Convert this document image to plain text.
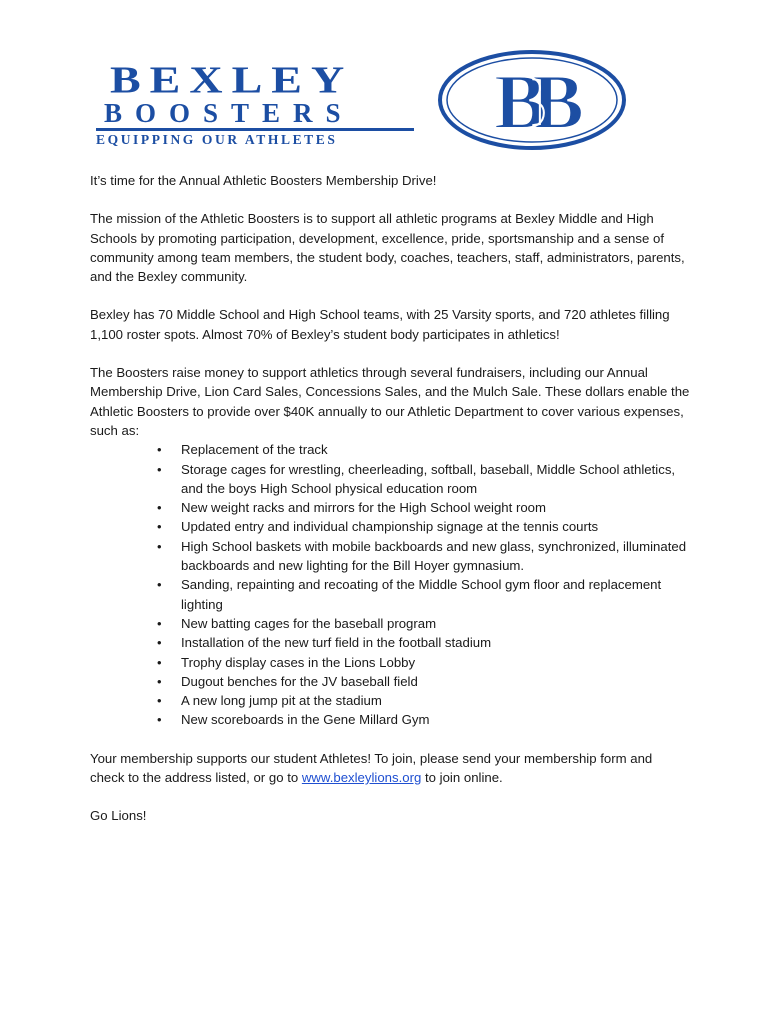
BEXLEY
BOOSTERS
EQUIPPING OUR ATHLETES	BB

It’s time for the Annual Athletic Boosters Membership Drive!

The mission of the Athletic Boosters is to support all athletic programs at Bexley Middle and High Schools by promoting participation, development, excellence, pride, sportsmanship and a sense of community among team members, the student body, coaches, teachers, staff, administrators, parents, and the Bexley community.

Bexley has 70 Middle School and High School teams, with 25 Varsity sports, and 720 athletes filling 1,100 roster spots. Almost 70% of Bexley’s student body participates in athletics!

The Boosters raise money to support athletics through several fundraisers, including our Annual Membership Drive, Lion Card Sales, Concessions Sales, and the Mulch Sale. These dollars enable the Athletic Boosters to provide over $40K annually to our Athletic Department to cover various expenses, such as:

• Replacement of the track
• Storage cages for wrestling, cheerleading, softball, baseball, Middle School athletics, and the boys High School physical education room
• New weight racks and mirrors for the High School weight room
• Updated entry and individual championship signage at the tennis courts
• High School baskets with mobile backboards and new glass, synchronized, illuminated backboards and new lighting for the Bill Hoyer gymnasium.
• Sanding, repainting and recoating of the Middle School gym floor and replacement lighting
• New batting cages for the baseball program
• Installation of the new turf field in the football stadium
• Trophy display cases in the Lions Lobby
• Dugout benches for the JV baseball field
• A new long jump pit at the stadium
• New scoreboards in the Gene Millard Gym

Your membership supports our student Athletes! To join, please send your membership form and check to the address listed, or go to www.bexleylions.org to join online.

Go Lions!
